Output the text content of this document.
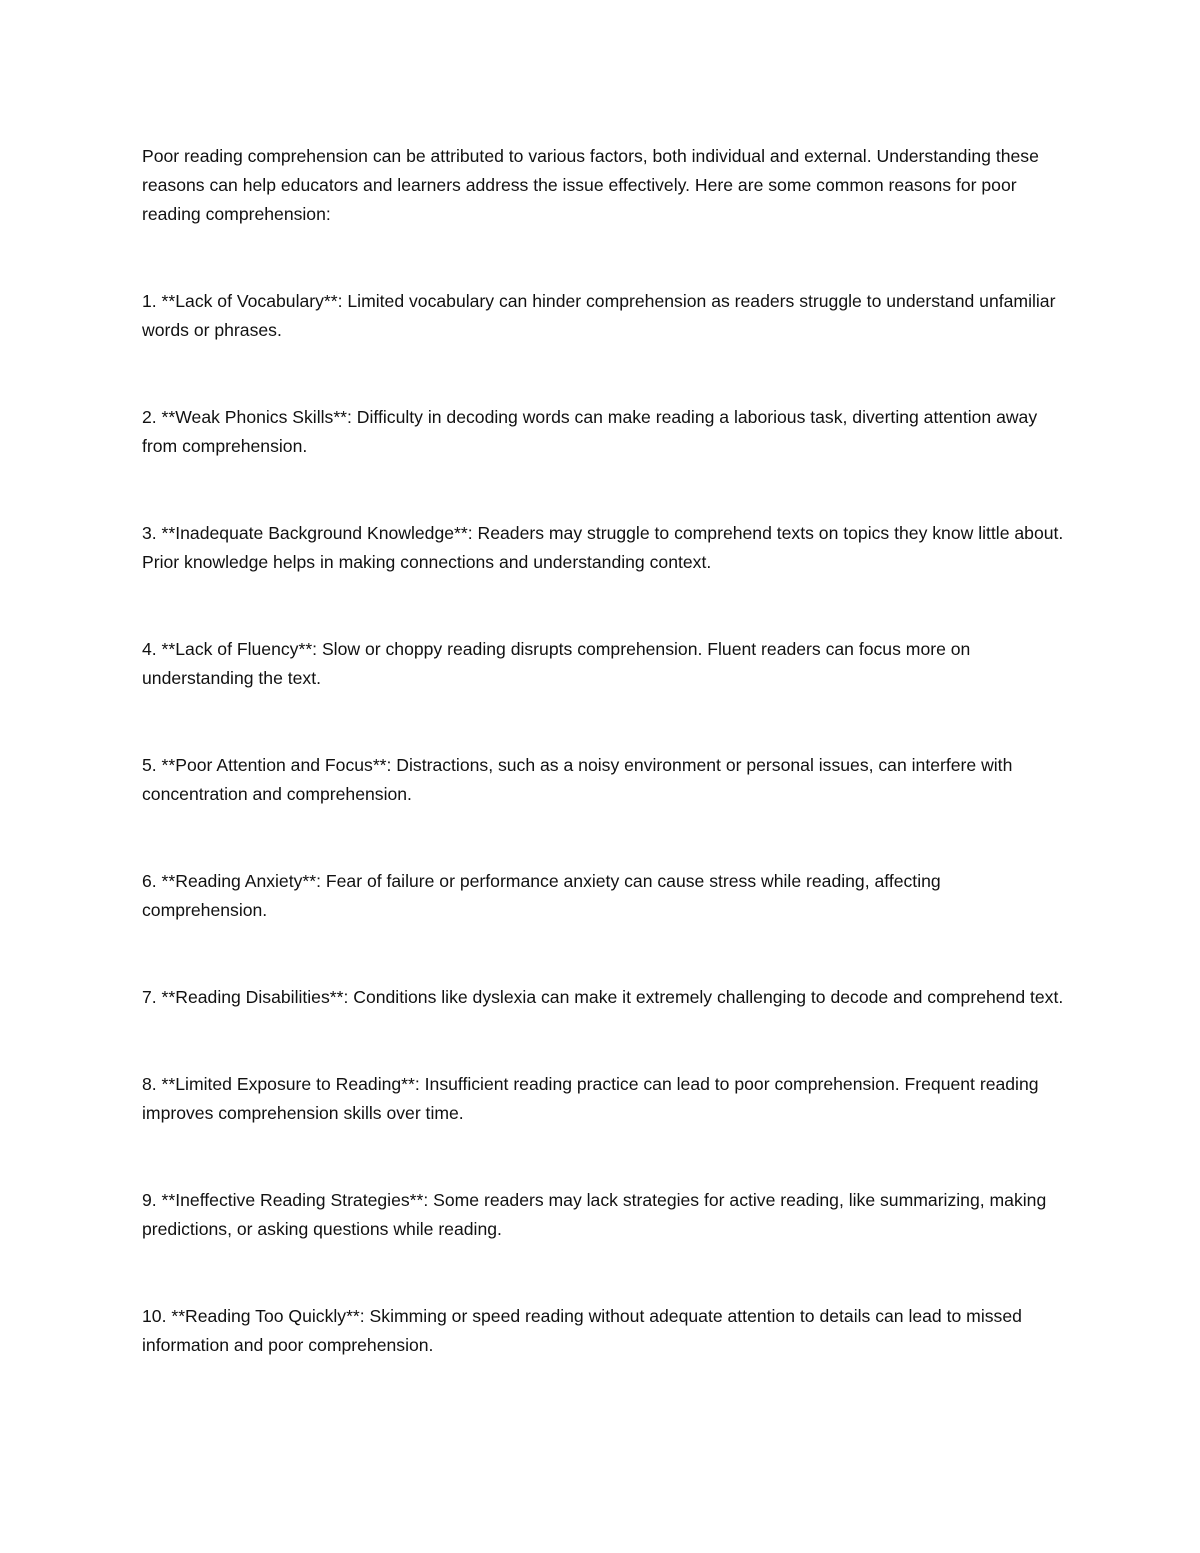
Poor reading comprehension can be attributed to various factors, both individual and external. Understanding these reasons can help educators and learners address the issue effectively. Here are some common reasons for poor reading comprehension:

1. **Lack of Vocabulary**: Limited vocabulary can hinder comprehension as readers struggle to understand unfamiliar words or phrases.

2. **Weak Phonics Skills**: Difficulty in decoding words can make reading a laborious task, diverting attention away from comprehension.

3. **Inadequate Background Knowledge**: Readers may struggle to comprehend texts on topics they know little about. Prior knowledge helps in making connections and understanding context.

4. **Lack of Fluency**: Slow or choppy reading disrupts comprehension. Fluent readers can focus more on understanding the text.

5. **Poor Attention and Focus**: Distractions, such as a noisy environment or personal issues, can interfere with concentration and comprehension.

6. **Reading Anxiety**: Fear of failure or performance anxiety can cause stress while reading, affecting comprehension.

7. **Reading Disabilities**: Conditions like dyslexia can make it extremely challenging to decode and comprehend text.

8. **Limited Exposure to Reading**: Insufficient reading practice can lead to poor comprehension. Frequent reading improves comprehension skills over time.

9. **Ineffective Reading Strategies**: Some readers may lack strategies for active reading, like summarizing, making predictions, or asking questions while reading.

10. **Reading Too Quickly**: Skimming or speed reading without adequate attention to details can lead to missed information and poor comprehension.
